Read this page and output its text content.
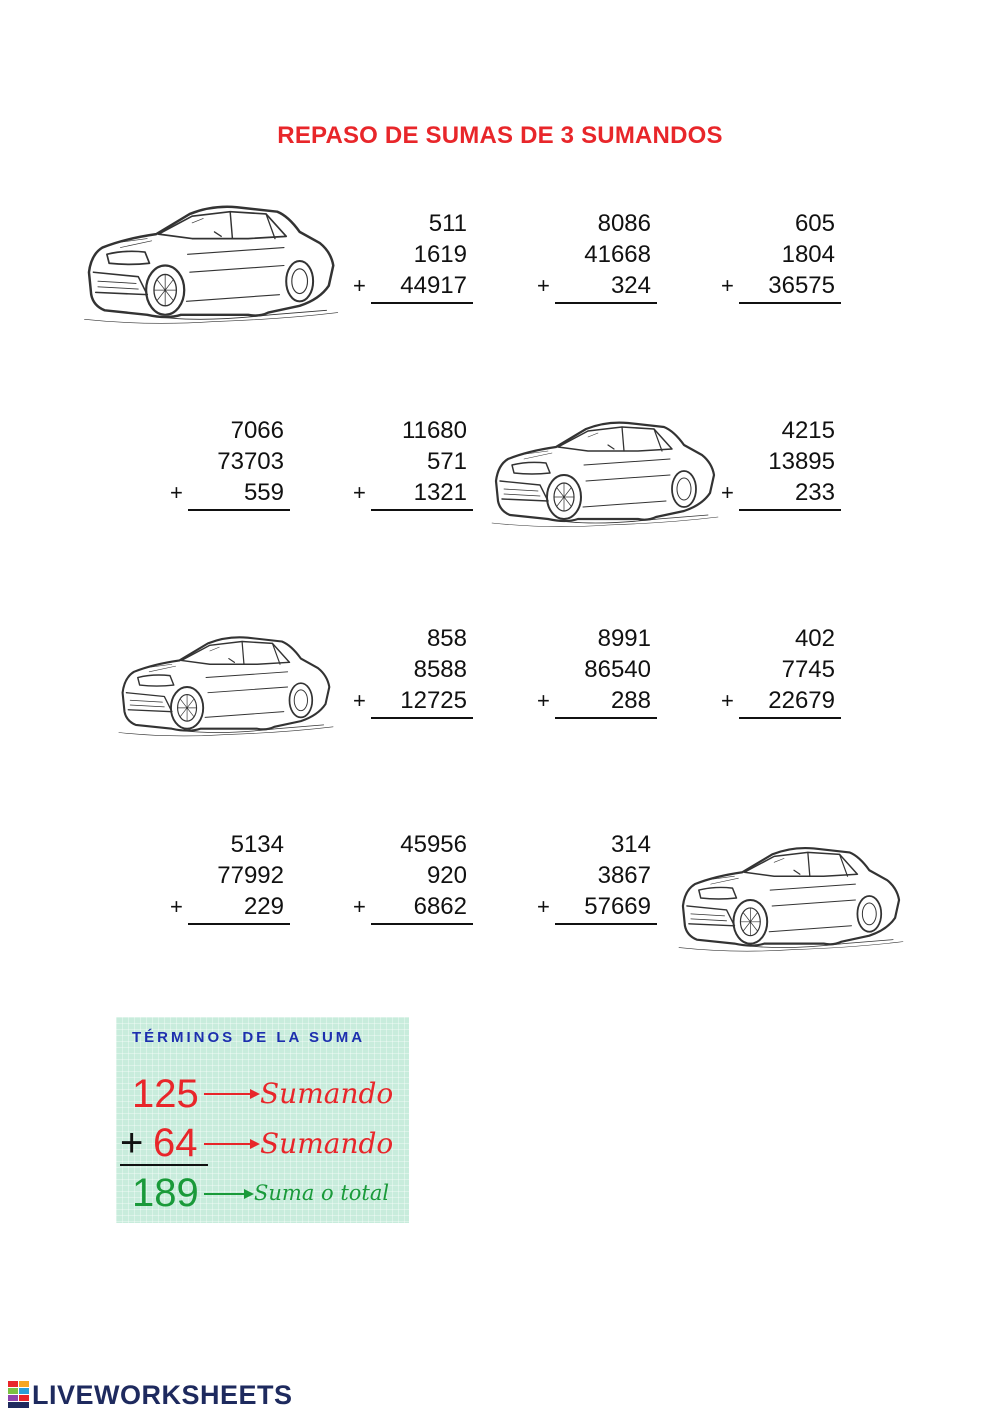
REPASO DE SUMAS DE 3 SUMANDOS
511
1619
+ 44917
8086
41668
+	324
605
1804
+ 36575
7066
73703
+	559
11680
571
+ 1321
4215
13895
+	233
858
8588
+ 12725
8991
86540
+	288
402
7745
+ 22679
5134
77992
+	229
45956
920
+ 6862
314
3867
+ 57669
TÉRMINOS DE LA SUMA
125 Sumando
+ 64 Sumando
189	Suma o total
LIVEWORKSHEETS
